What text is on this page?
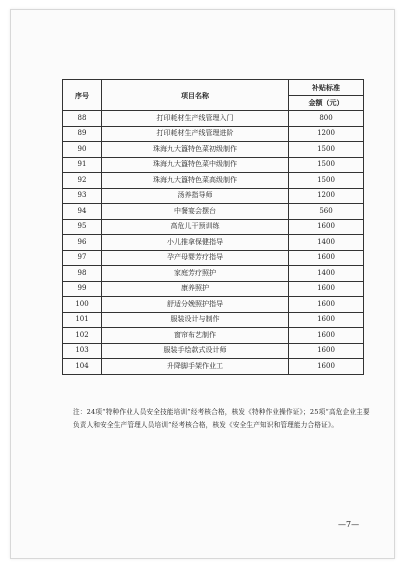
序号	项目名称	补贴标准
		金额（元）
88	打印耗材生产线管理入门	800
89	打印耗材生产线管理进阶	1200
90	珠海九大簋特色菜初级制作	1500
91	珠海九大簋特色菜中级制作	1500
92	珠海九大簋特色菜高级制作	1500
93	汤养指导师	1200
94	中餐宴会摆台	560
95	高危儿干预训练	1600
96	小儿推拿保健指导	1400
97	孕产母婴芳疗指导	1600
98	家庭芳疗照护	1400
99	康养照护	1600
100	舒适分娩照护指导	1600
101	服装设计与制作	1600
102	窗帘布艺制作	1600
103	服装手绘款式设计师	1600
104	升降脚手架作业工	1600
注：24项“特种作业人员安全技能培训”经考核合格，核发《特种作业操作证》；25项“高危企业主要负责人和安全生产管理人员培训”经考核合格，核发《安全生产知识和管理能力合格证》。
—7—
